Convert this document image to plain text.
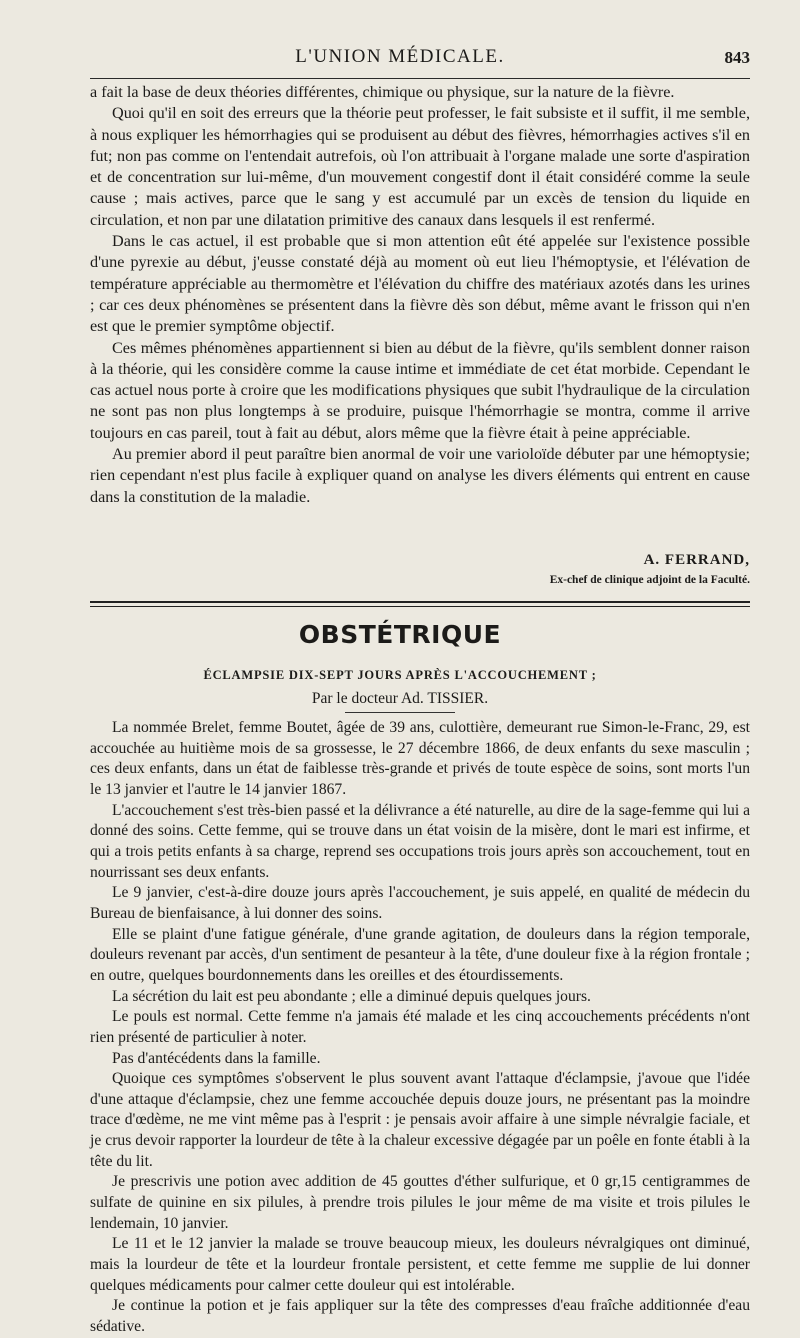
L'UNION MÉDICALE.	843

a fait la base de deux théories différentes, chimique ou physique, sur la nature de la fièvre.

Quoi qu'il en soit des erreurs que la théorie peut professer, le fait subsiste et il suffit, il me semble, à nous expliquer les hémorrhagies qui se produisent au début des fièvres, hémorrhagies actives s'il en fut; non pas comme on l'entendait autrefois, où l'on attribuait à l'organe malade une sorte d'aspiration et de concentration sur lui-même, d'un mouvement congestif dont il était considéré comme la seule cause ; mais actives, parce que le sang y est accumulé par un excès de tension du liquide en circulation, et non par une dilatation primitive des canaux dans lesquels il est renfermé.

Dans le cas actuel, il est probable que si mon attention eût été appelée sur l'existence possible d'une pyrexie au début, j'eusse constaté déjà au moment où eut lieu l'hémoptysie, et l'élévation de température appréciable au thermomètre et l'élévation du chiffre des matériaux azotés dans les urines ; car ces deux phénomènes se présentent dans la fièvre dès son début, même avant le frisson qui n'en est que le premier symptôme objectif.

Ces mêmes phénomènes appartiennent si bien au début de la fièvre, qu'ils semblent donner raison à la théorie, qui les considère comme la cause intime et immédiate de cet état morbide. Cependant le cas actuel nous porte à croire que les modifications physiques que subit l'hydraulique de la circulation ne sont pas non plus longtemps à se produire, puisque l'hémorrhagie se montra, comme il arrive toujours en cas pareil, tout à fait au début, alors même que la fièvre était à peine appréciable.

Au premier abord il peut paraître bien anormal de voir une varioloïde débuter par une hémoptysie; rien cependant n'est plus facile à expliquer quand on analyse les divers éléments qui entrent en cause dans la constitution de la maladie.

A. FERRAND,
Ex-chef de clinique adjoint de la Faculté.
OBSTÉTRIQUE
ÉCLAMPSIE DIX-SEPT JOURS APRÈS L'ACCOUCHEMENT ;
Par le docteur Ad. TISSIER.

La nommée Brelet, femme Boutet, âgée de 39 ans, culottière, demeurant rue Simon-le-Franc, 29, est accouchée au huitième mois de sa grossesse, le 27 décembre 1866, de deux enfants du sexe masculin ; ces deux enfants, dans un état de faiblesse très-grande et privés de toute espèce de soins, sont morts l'un le 13 janvier et l'autre le 14 janvier 1867.

L'accouchement s'est très-bien passé et la délivrance a été naturelle, au dire de la sage-femme qui lui a donné des soins. Cette femme, qui se trouve dans un état voisin de la misère, dont le mari est infirme, et qui a trois petits enfants à sa charge, reprend ses occupations trois jours après son accouchement, tout en nourrissant ses deux enfants.

Le 9 janvier, c'est-à-dire douze jours après l'accouchement, je suis appelé, en qualité de médecin du Bureau de bienfaisance, à lui donner des soins.

Elle se plaint d'une fatigue générale, d'une grande agitation, de douleurs dans la région temporale, douleurs revenant par accès, d'un sentiment de pesanteur à la tête, d'une douleur fixe à la région frontale ; en outre, quelques bourdonnements dans les oreilles et des étourdissements.

La sécrétion du lait est peu abondante ; elle a diminué depuis quelques jours.

Le pouls est normal. Cette femme n'a jamais été malade et les cinq accouchements précédents n'ont rien présenté de particulier à noter.

Pas d'antécédents dans la famille.

Quoique ces symptômes s'observent le plus souvent avant l'attaque d'éclampsie, j'avoue que l'idée d'une attaque d'éclampsie, chez une femme accouchée depuis douze jours, ne présentant pas la moindre trace d'œdème, ne me vint même pas à l'esprit : je pensais avoir affaire à une simple névralgie faciale, et je crus devoir rapporter la lourdeur de tête à la chaleur excessive dégagée par un poêle en fonte établi à la tête du lit.

Je prescrivis une potion avec addition de 45 gouttes d'éther sulfurique, et 0 gr,15 centigrammes de sulfate de quinine en six pilules, à prendre trois pilules le jour même de ma visite et trois pilules le lendemain, 10 janvier.

Le 11 et le 12 janvier la malade se trouve beaucoup mieux, les douleurs névralgiques ont diminué, mais la lourdeur de tête et la lourdeur frontale persistent, et cette femme me supplie de lui donner quelques médicaments pour calmer cette douleur qui est intolérable.

Je continue la potion et je fais appliquer sur la tête des compresses d'eau fraîche additionnée d'eau sédative.
